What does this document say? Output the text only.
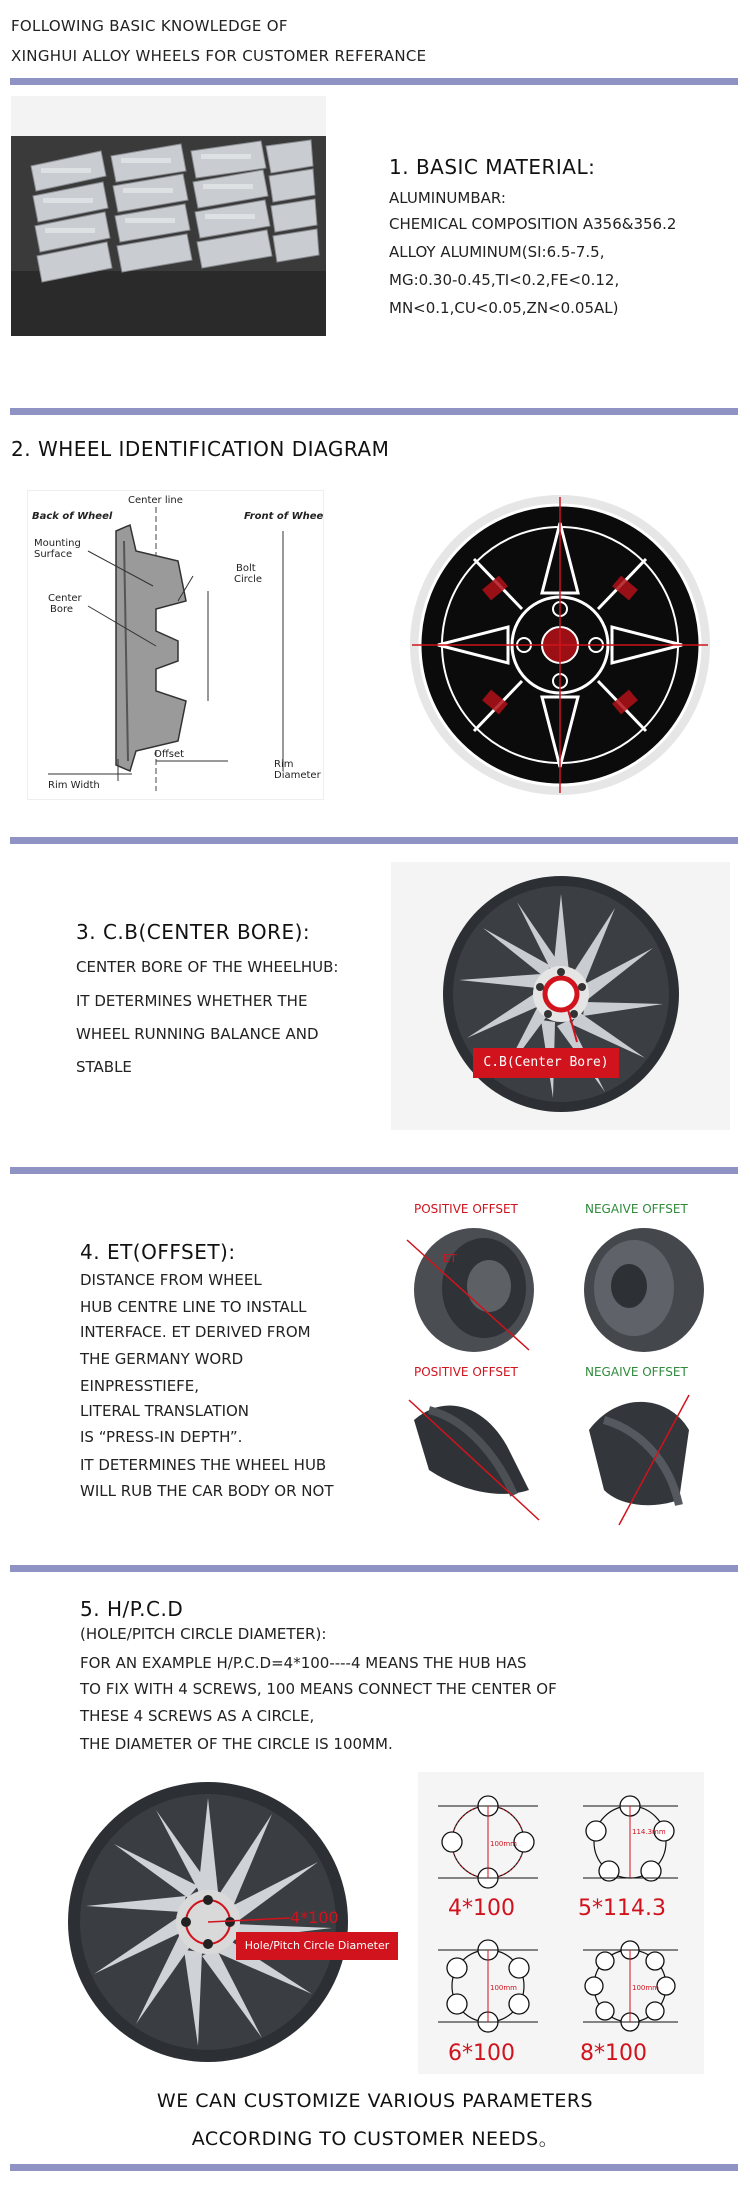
FOLLOWING BASIC KNOWLEDGE OF
XINGHUI ALLOY WHEELS FOR CUSTOMER REFERANCE
1. BASIC MATERIAL:
ALUMINUMBAR:
CHEMICAL COMPOSITION A356&356.2
ALLOY ALUMINUM(SI:6.5-7.5,
MG:0.30-0.45,TI<0.2,FE<0.12,
MN<0.1,CU<0.05,ZN<0.05AL)
2. WHEEL IDENTIFICATION DIAGRAM
Center line
Back of Wheel	Front of Wheel
Mounting
Surface
Center
Bore
Bolt
Circle
Offset
Rim Width
Rim
Diameter
3. C.B(CENTER BORE):
CENTER BORE OF THE WHEELHUB:
IT DETERMINES WHETHER THE
WHEEL RUNNING BALANCE AND
STABLE	C.B(Center Bore)
4. ET(OFFSET):
DISTANCE FROM WHEEL
HUB CENTRE LINE TO INSTALL
INTERFACE. ET DERIVED FROM
THE GERMANY WORD
EINPRESSTIEFE,
LITERAL TRANSLATION
IS “PRESS-IN DEPTH”.
IT DETERMINES THE WHEEL HUB
WILL RUB THE CAR BODY OR NOT
POSITIVE OFFSET	NEGAIVE OFFSET
POSITIVE OFFSET	NEGAIVE OFFSET
ET
5. H/P.C.D
(HOLE/PITCH CIRCLE DIAMETER):
FOR AN EXAMPLE H/P.C.D=4*100----4 MEANS THE HUB HAS
TO FIX WITH 4 SCREWS, 100 MEANS CONNECT THE CENTER OF
THESE 4 SCREWS AS A CIRCLE,
THE DIAMETER OF THE CIRCLE IS 100MM.
4*100
Hole/Pitch Circle Diameter
100mm
4*100
114.3mm
5*114.3
100mm
6*100
100mm
8*100
WE CAN CUSTOMIZE VARIOUS PARAMETERS
ACCORDING TO CUSTOMER NEEDS。
